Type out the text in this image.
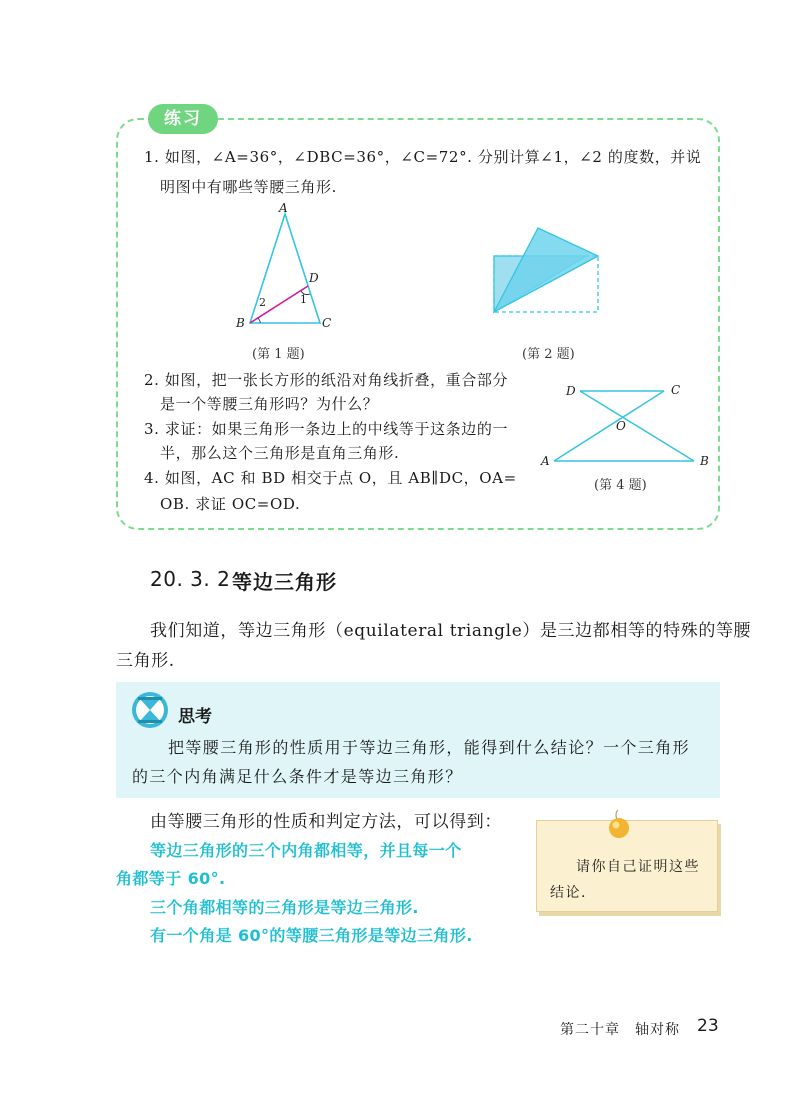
练习
1. 如图，∠A=36°，∠DBC=36°，∠C=72°. 分别计算∠1，∠2 的度数，并说
明图中有哪些等腰三角形.
A
B	C
D
1
2
(第 1 题)	(第 2 题)
2. 如图，把一张长方形的纸沿对角线折叠，重合部分
是一个等腰三角形吗？为什么？
3. 求证：如果三角形一条边上的中线等于这条边的一
半，那么这个三角形是直角三角形.
4. 如图，AC 和 BD 相交于点 O，且 AB∥DC，OA=
OB. 求证 OC=OD.
D	C
O
A	B
(第 4 题)
20. 3. 2 等边三角形
我们知道，等边三角形（equilateral triangle）是三边都相等的特殊的等腰
三角形.
思考
把等腰三角形的性质用于等边三角形，能得到什么结论？一个三角形
的三个内角满足什么条件才是等边三角形？
由等腰三角形的性质和判定方法，可以得到：
等边三角形的三个内角都相等，并且每一个
角都等于 60°.
三个角都相等的三角形是等边三角形.
有一个角是 60°的等腰三角形是等边三角形.
请你自己证明这些
结论.
第二十章　轴对称 23
